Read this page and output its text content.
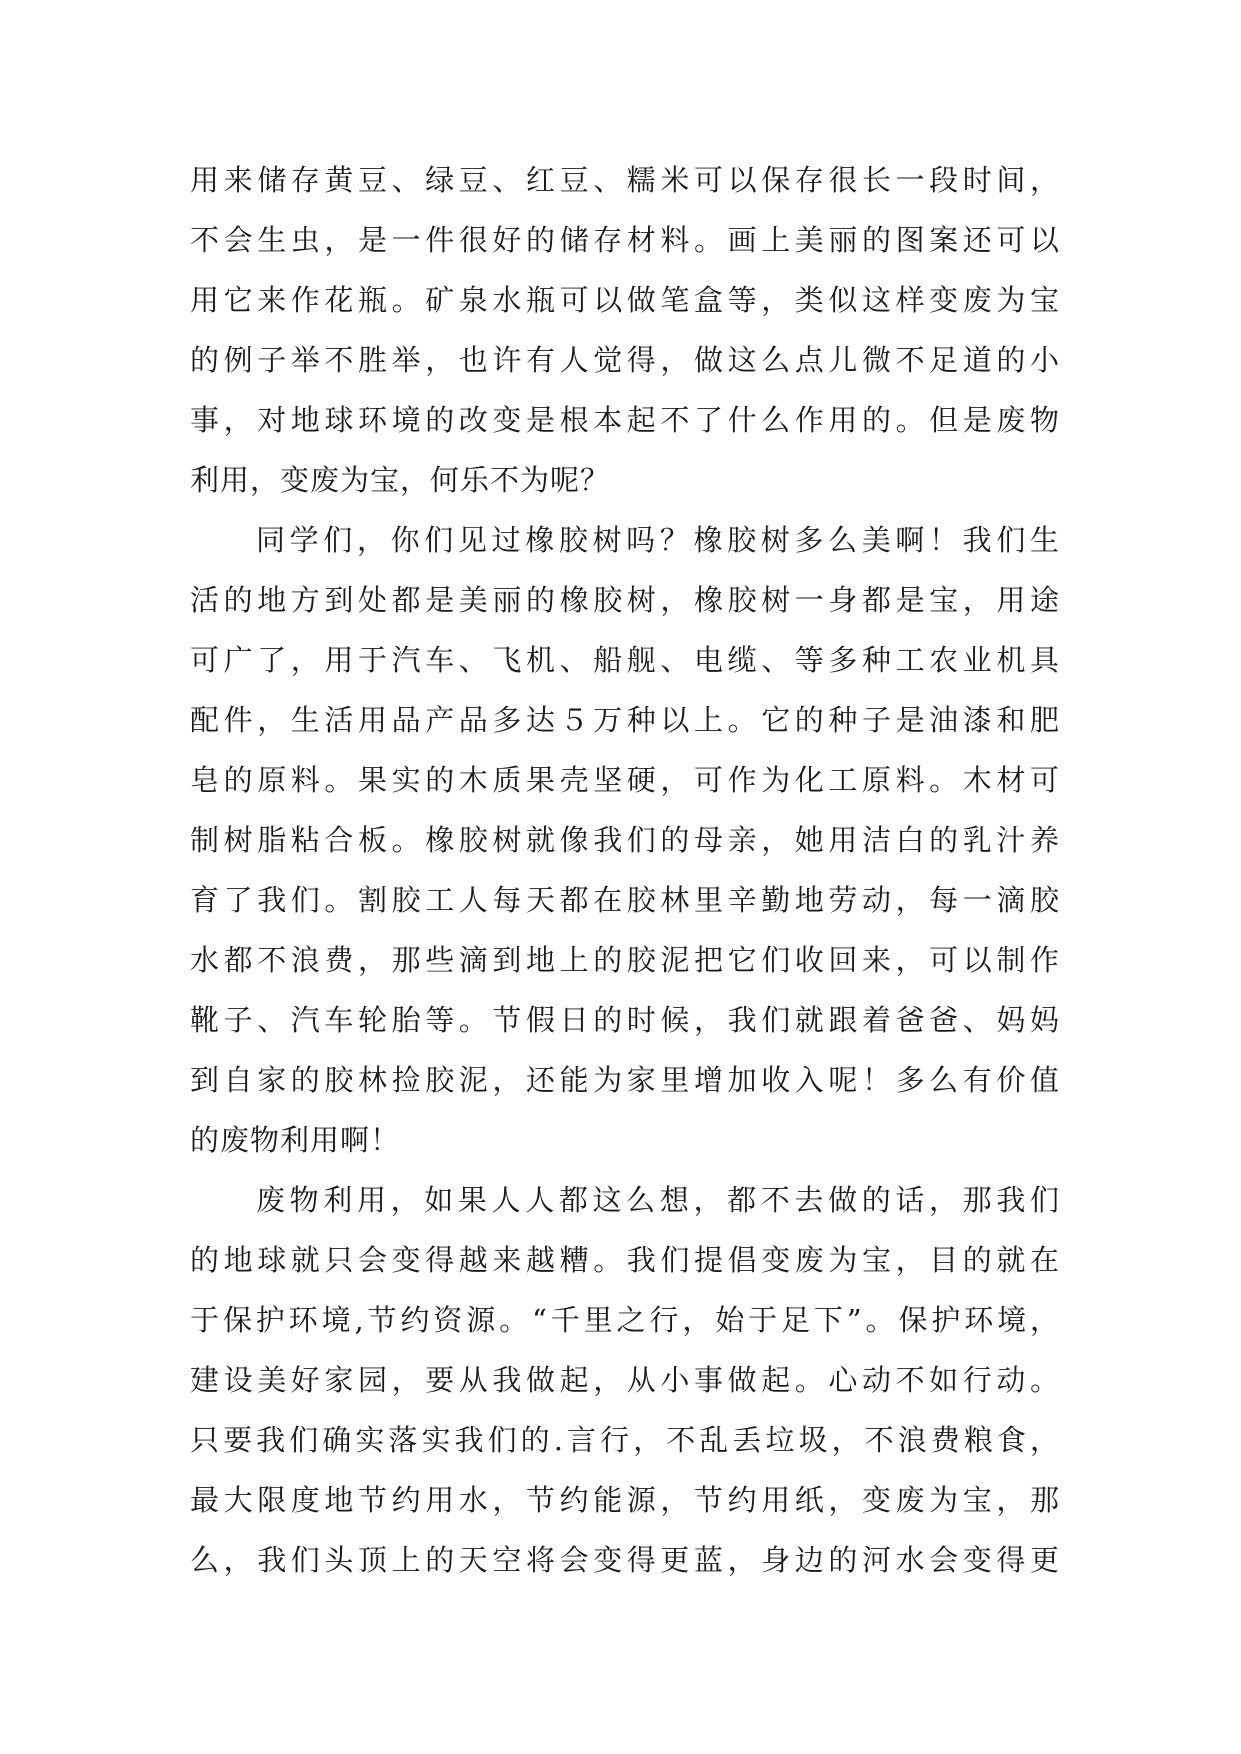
用来储存黄豆、绿豆、红豆、糯米可以保存很长一段时间，
不会生虫，是一件很好的储存材料。画上美丽的图案还可以
用它来作花瓶。矿泉水瓶可以做笔盒等，类似这样变废为宝
的例子举不胜举，也许有人觉得，做这么点儿微不足道的小
事，对地球环境的改变是根本起不了什么作用的。但是废物
利用，变废为宝，何乐不为呢？
同学们，你们见过橡胶树吗？橡胶树多么美啊！我们生
活的地方到处都是美丽的橡胶树，橡胶树一身都是宝，用途
可广了，用于汽车、飞机、船舰、电缆、等多种工农业机具
配件，生活用品产品多达５万种以上。它的种子是油漆和肥
皂的原料。果实的木质果壳坚硬，可作为化工原料。木材可
制树脂粘合板。橡胶树就像我们的母亲，她用洁白的乳汁养
育了我们。割胶工人每天都在胶林里辛勤地劳动，每一滴胶
水都不浪费，那些滴到地上的胶泥把它们收回来，可以制作
靴子、汽车轮胎等。节假日的时候，我们就跟着爸爸、妈妈
到自家的胶林捡胶泥，还能为家里增加收入呢！多么有价值
的废物利用啊！
废物利用，如果人人都这么想，都不去做的话，那我们
的地球就只会变得越来越糟。我们提倡变废为宝，目的就在
于保护环境,节约资源。“千里之行，始于足下”。保护环境，
建设美好家园，要从我做起，从小事做起。心动不如行动。
只要我们确实落实我们的.言行，不乱丢垃圾，不浪费粮食，
最大限度地节约用水，节约能源，节约用纸，变废为宝，那
么，我们头顶上的天空将会变得更蓝，身边的河水会变得更
